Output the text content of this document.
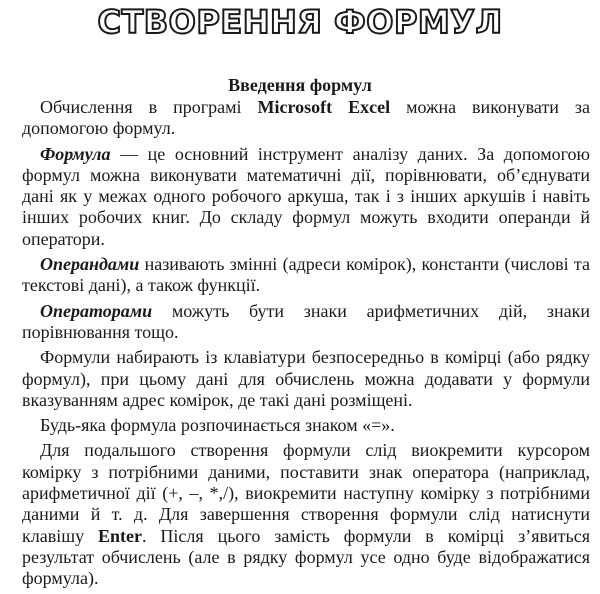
СТВОРЕННЯ ФОРМУЛ
Введення формул

Обчислення в програмі Microsoft Excel можна виконувати за допомогою формул.

Формула — це основний інструмент аналізу даних. За допомогою формул можна виконувати математичні дії, порівнювати, об’єднувати дані як у межах одного робочого аркуша, так і з інших аркушів і навіть інших робочих книг. До складу формул можуть входити операнди й оператори.

Операндами називають змінні (адреси комірок), константи (числові та текстові дані), а також функції.

Операторами можуть бути знаки арифметичних дій, знаки порівнювання тощо.

Формули набирають із клавіатури безпосередньо в комірці (або рядку формул), при цьому дані для обчислень можна додавати у формули вказуванням адрес комірок, де такі дані розміщені.

Будь-яка формула розпочинається знаком «=».

Для подальшого створення формули слід виокремити курсором комірку з потрібними даними, поставити знак оператора (наприклад, арифметичної дії (+, –, *,/), виокремити наступну комірку з потрібними даними й т. д. Для завершення створення формули слід натиснути клавішу Enter. Після цього замість формули в комірці з’явиться результат обчислень (але в рядку формул усе одно буде відображатися формула).
